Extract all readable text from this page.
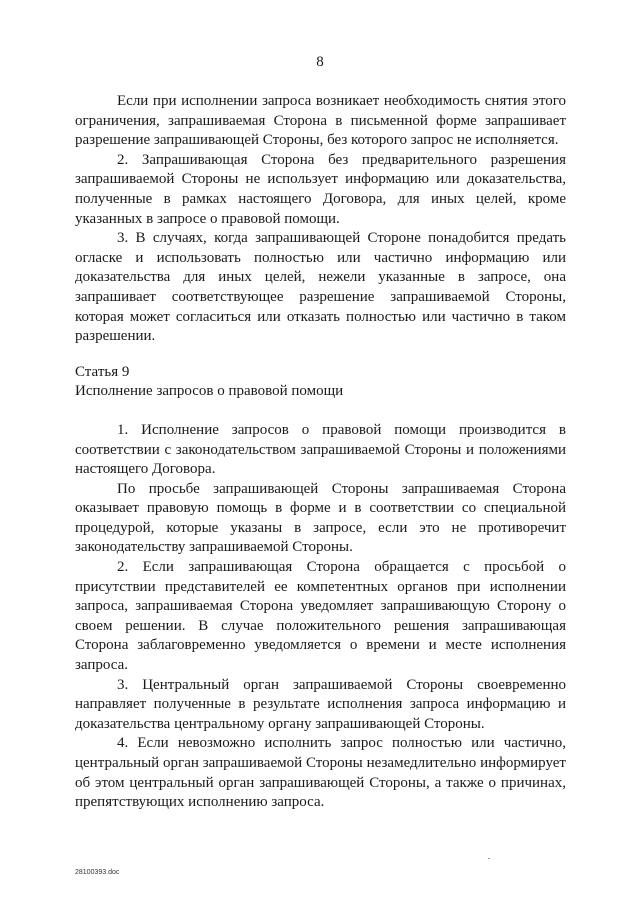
8

Если при исполнении запроса возникает необходимость снятия этого ограничения, запрашиваемая Сторона в письменной форме запрашивает разрешение запрашивающей Стороны, без которого запрос не исполняется.

2. Запрашивающая Сторона без предварительного разрешения запрашиваемой Стороны не использует информацию или доказательства, полученные в рамках настоящего Договора, для иных целей, кроме указанных в запросе о правовой помощи.

3. В случаях, когда запрашивающей Стороне понадобится предать огласке и использовать полностью или частично информацию или доказательства для иных целей, нежели указанные в запросе, она запрашивает соответствующее разрешение запрашиваемой Стороны, которая может согласиться или отказать полностью или частично в таком разрешении.

Статья 9

Исполнение запросов о правовой помощи

1. Исполнение запросов о правовой помощи производится в соответствии с законодательством запрашиваемой Стороны и положениями настоящего Договора.

По просьбе запрашивающей Стороны запрашиваемая Сторона оказывает правовую помощь в форме и в соответствии со специальной процедурой, которые указаны в запросе, если это не противоречит законодательству запрашиваемой Стороны.

2. Если запрашивающая Сторона обращается с просьбой о присутствии представителей ее компетентных органов при исполнении запроса, запрашиваемая Сторона уведомляет запрашивающую Сторону о своем решении. В случае положительного решения запрашивающая Сторона заблаговременно уведомляется о времени и месте исполнения запроса.

3. Центральный орган запрашиваемой Стороны своевременно направляет полученные в результате исполнения запроса информацию и доказательства центральному органу запрашивающей Стороны.

4. Если невозможно исполнить запрос полностью или частично, центральный орган запрашиваемой Стороны незамедлительно информирует об этом центральный орган запрашивающей Стороны, а также о причинах, препятствующих исполнению запроса.

28100393.doc
